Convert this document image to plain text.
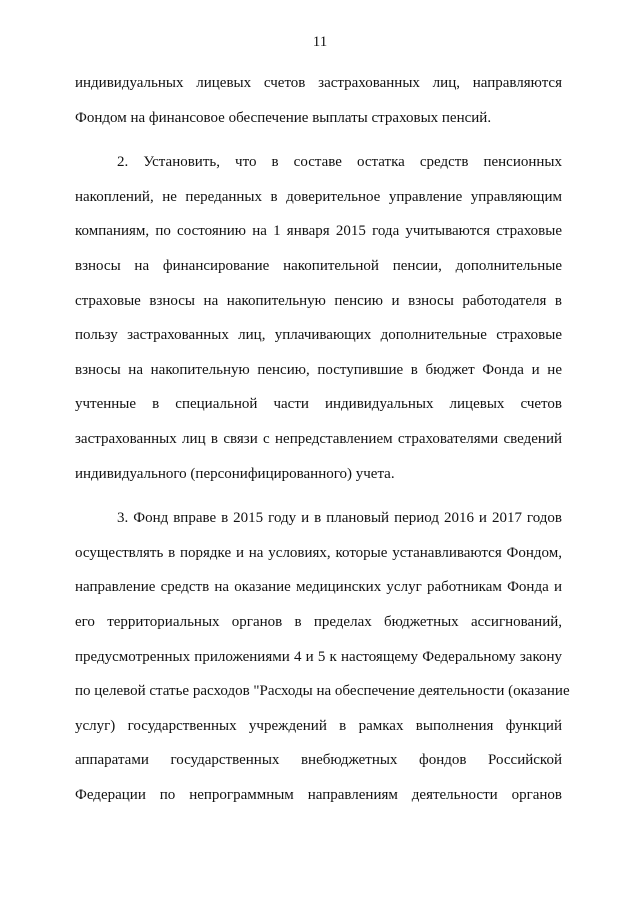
11
индивидуальных лицевых счетов застрахованных лиц, направляются
Фондом на финансовое обеспечение выплаты страховых пенсий.
2. Установить, что в составе остатка средств пенсионных
накоплений, не переданных в доверительное управление управляющим
компаниям, по состоянию на 1 января 2015 года учитываются страховые
взносы на финансирование накопительной пенсии, дополнительные
страховые взносы на накопительную пенсию и взносы работодателя в
пользу застрахованных лиц, уплачивающих дополнительные страховые
взносы на накопительную пенсию, поступившие в бюджет Фонда и не
учтенные в специальной части индивидуальных лицевых счетов
застрахованных лиц в связи с непредставлением страхователями сведений
индивидуального (персонифицированного) учета.
3. Фонд вправе в 2015 году и в плановый период 2016 и 2017 годов
осуществлять в порядке и на условиях, которые устанавливаются Фондом,
направление средств на оказание медицинских услуг работникам Фонда и
его территориальных органов в пределах бюджетных ассигнований,
предусмотренных приложениями 4 и 5 к настоящему Федеральному закону
по целевой статье расходов "Расходы на обеспечение деятельности (оказание
услуг) государственных учреждений в рамках выполнения функций
аппаратами государственных внебюджетных фондов Российской
Федерации по непрограммным направлениям деятельности органов
